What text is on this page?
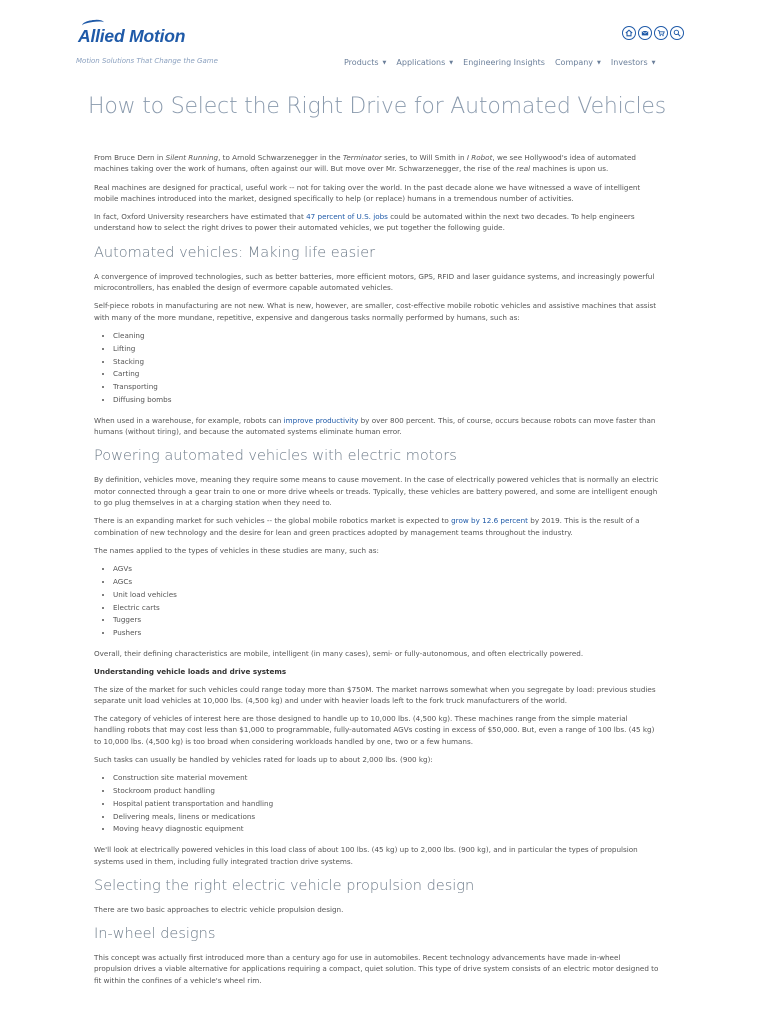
Allied Motion
Motion Solutions That Change the Game	Products ▼ Applications ▼ Engineering Insights Company ▼ Investors ▼
How to Select the Right Drive for Automated Vehicles

From Bruce Dern in Silent Running, to Arnold Schwarzenegger in the Terminator series, to Will Smith in I Robot, we see Hollywood's idea of automated machines taking over the work of humans, often against our will. But move over Mr. Schwarzenegger, the rise of the real machines is upon us.

Real machines are designed for practical, useful work -- not for taking over the world. In the past decade alone we have witnessed a wave of intelligent mobile machines introduced into the market, designed specifically to help (or replace) humans in a tremendous number of activities.

In fact, Oxford University researchers have estimated that 47 percent of U.S. jobs could be automated within the next two decades. To help engineers understand how to select the right drives to power their automated vehicles, we put together the following guide.

Automated vehicles: Making life easier

A convergence of improved technologies, such as better batteries, more efficient motors, GPS, RFID and laser guidance systems, and increasingly powerful microcontrollers, has enabled the design of evermore capable automated vehicles.

Self-piece robots in manufacturing are not new. What is new, however, are smaller, cost-effective mobile robotic vehicles and assistive machines that assist with many of the more mundane, repetitive, expensive and dangerous tasks normally performed by humans, such as:

• Cleaning
• Lifting
• Stacking
• Carting
• Transporting
• Diffusing bombs

When used in a warehouse, for example, robots can improve productivity by over 800 percent. This, of course, occurs because robots can move faster than humans (without tiring), and because the automated systems eliminate human error.

Powering automated vehicles with electric motors

By definition, vehicles move, meaning they require some means to cause movement. In the case of electrically powered vehicles that is normally an electric motor connected through a gear train to one or more drive wheels or treads. Typically, these vehicles are battery powered, and some are intelligent enough to go plug themselves in at a charging station when they need to.

There is an expanding market for such vehicles -- the global mobile robotics market is expected to grow by 12.6 percent by 2019. This is the result of a combination of new technology and the desire for lean and green practices adopted by management teams throughout the industry.

The names applied to the types of vehicles in these studies are many, such as:

• AGVs
• AGCs
• Unit load vehicles
• Electric carts
• Tuggers
• Pushers

Overall, their defining characteristics are mobile, intelligent (in many cases), semi- or fully-autonomous, and often electrically powered.

Understanding vehicle loads and drive systems

The size of the market for such vehicles could range today more than $750M. The market narrows somewhat when you segregate by load: previous studies separate unit load vehicles at 10,000 lbs. (4,500 kg) and under with heavier loads left to the fork truck manufacturers of the world.

The category of vehicles of interest here are those designed to handle up to 10,000 lbs. (4,500 kg). These machines range from the simple material handling robots that may cost less than $1,000 to programmable, fully-automated AGVs costing in excess of $50,000. But, even a range of 100 lbs. (45 kg) to 10,000 lbs. (4,500 kg) is too broad when considering workloads handled by one, two or a few humans.

Such tasks can usually be handled by vehicles rated for loads up to about 2,000 lbs. (900 kg):

• Construction site material movement
• Stockroom product handling
• Hospital patient transportation and handling
• Delivering meals, linens or medications
• Moving heavy diagnostic equipment

We'll look at electrically powered vehicles in this load class of about 100 lbs. (45 kg) up to 2,000 lbs. (900 kg), and in particular the types of propulsion systems used in them, including fully integrated traction drive systems.

Selecting the right electric vehicle propulsion design

There are two basic approaches to electric vehicle propulsion design.

In-wheel designs

This concept was actually first introduced more than a century ago for use in automobiles. Recent technology advancements have made in-wheel propulsion drives a viable alternative for applications requiring a compact, quiet solution. This type of drive system consists of an electric motor designed to fit within the confines of a vehicle's wheel rim.
